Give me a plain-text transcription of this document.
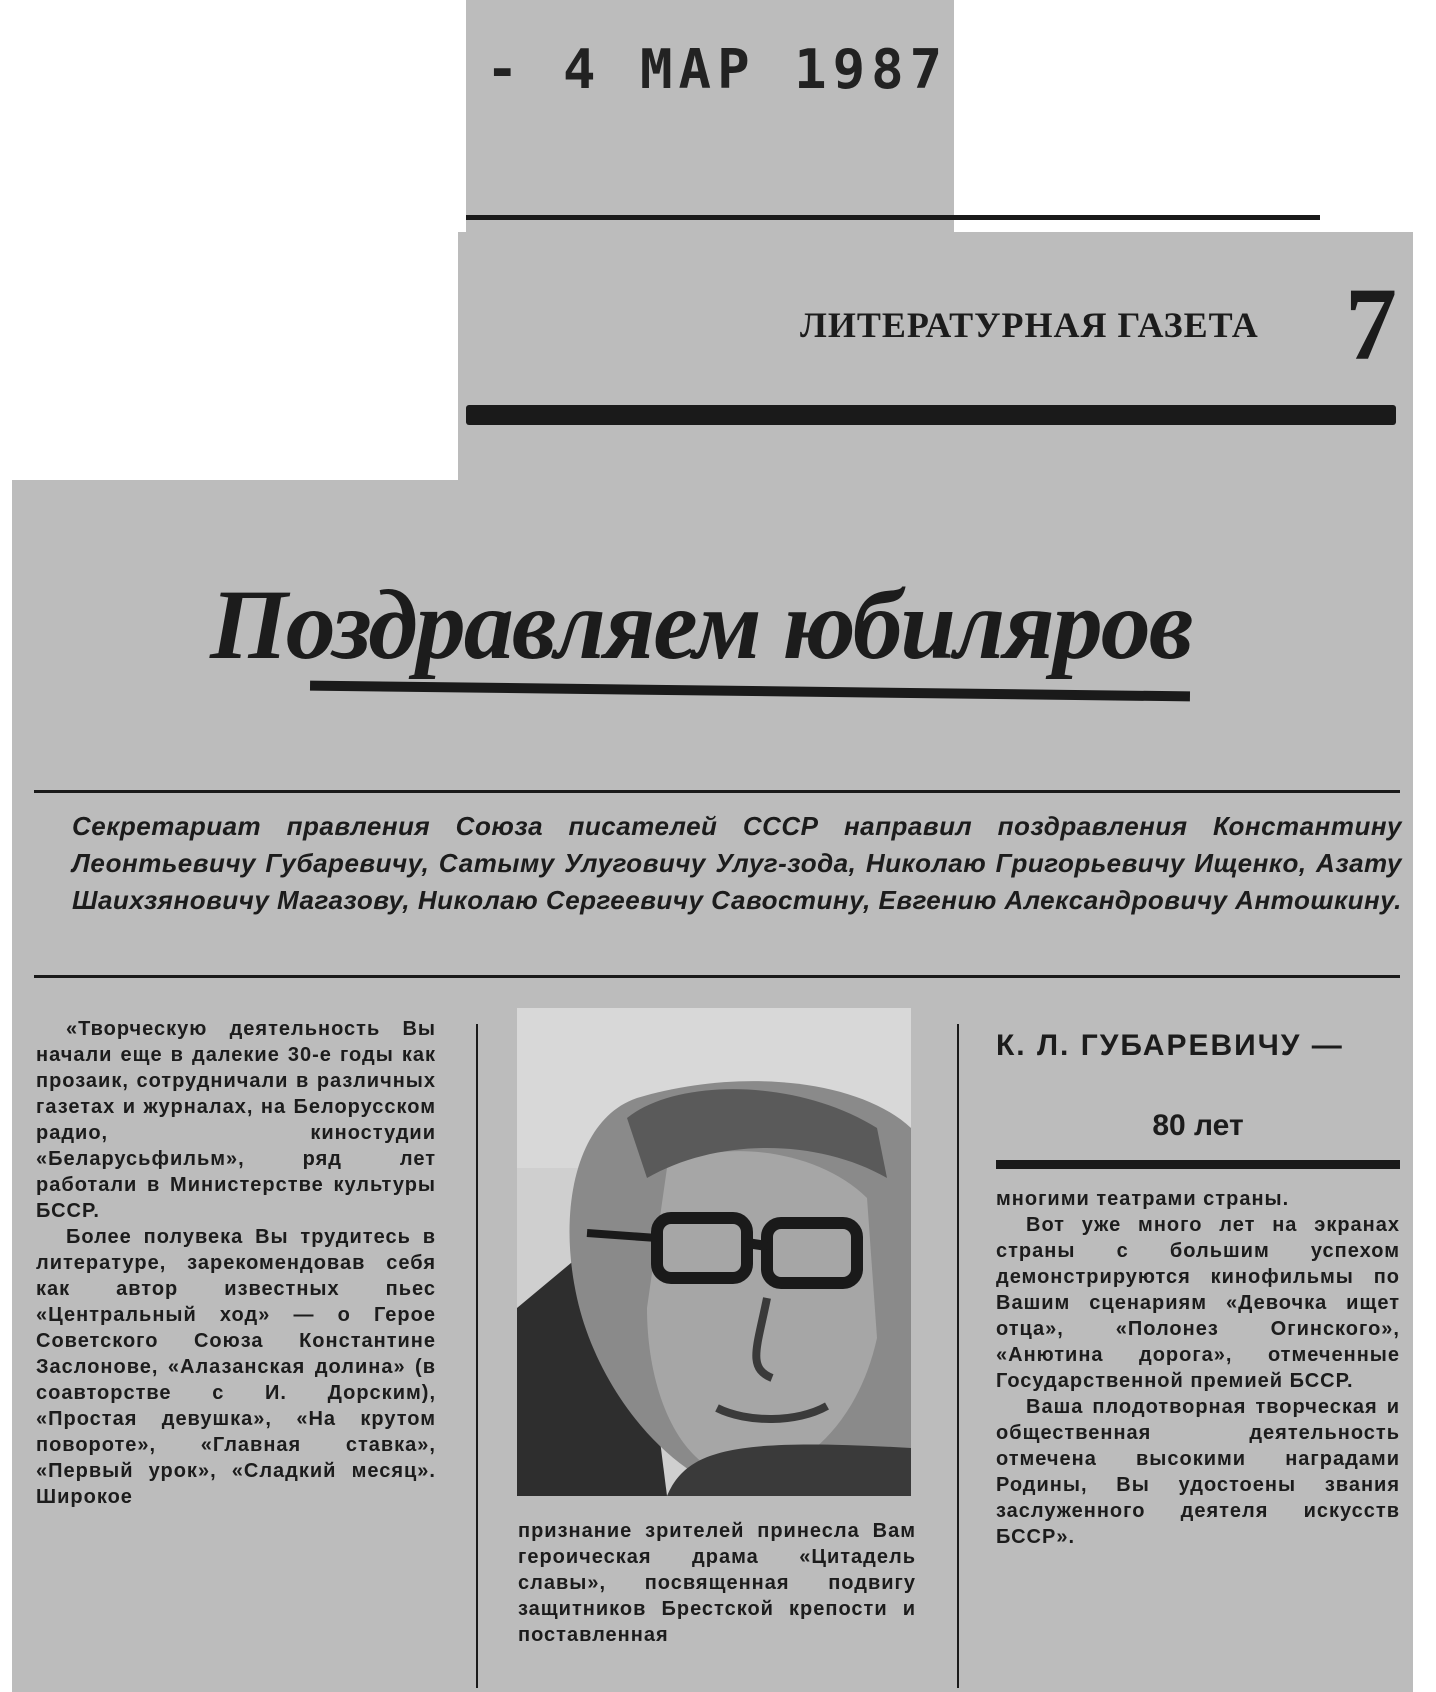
- 4 МАР 1987
ЛИТЕРАТУРНАЯ ГАЗЕТА 7
Поздравляем юбиляров
Секретариат правления Союза писателей СССР направил поздравления Константину Леонтьевичу Губаревичу, Сатыму Улуговичу Улуг-зода, Николаю Григорьевичу Ищенко, Азату Шаихзяновичу Магазову, Николаю Сергеевичу Савостину, Евгению Александровичу Антошкину.

«Творческую деятельность Вы начали еще в далекие 30-е годы как прозаик, сотрудничали в различных газетах и журналах, на Белорусском радио, киностудии «Беларусьфильм», ряд лет работали в Министерстве культуры БССР.

Более полувека Вы трудитесь в литературе, зарекомендовав себя как автор известных пьес «Центральный ход» — о Герое Советского Союза Константине Заслонове, «Алазанская долина» (в соавторстве с И. Дорским), «Простая девушка», «На крутом повороте», «Главная ставка», «Первый урок», «Сладкий месяц». Широкое

признание зрителей принесла Вам героическая драма «Цитадель славы», посвященная подвигу защитников Брестской крепости и поставленная
К. Л. ГУБАРЕВИЧУ —
80 лет

многими театрами страны.

Вот уже много лет на экранах страны с большим успехом демонстрируются кинофильмы по Вашим сценариям «Девочка ищет отца», «Полонез Огинского», «Анютина дорога», отмеченные Государственной премией БССР.

Ваша плодотворная творческая и общественная деятельность отмечена высокими наградами Родины, Вы удостоены звания заслуженного деятеля искусств БССР».
